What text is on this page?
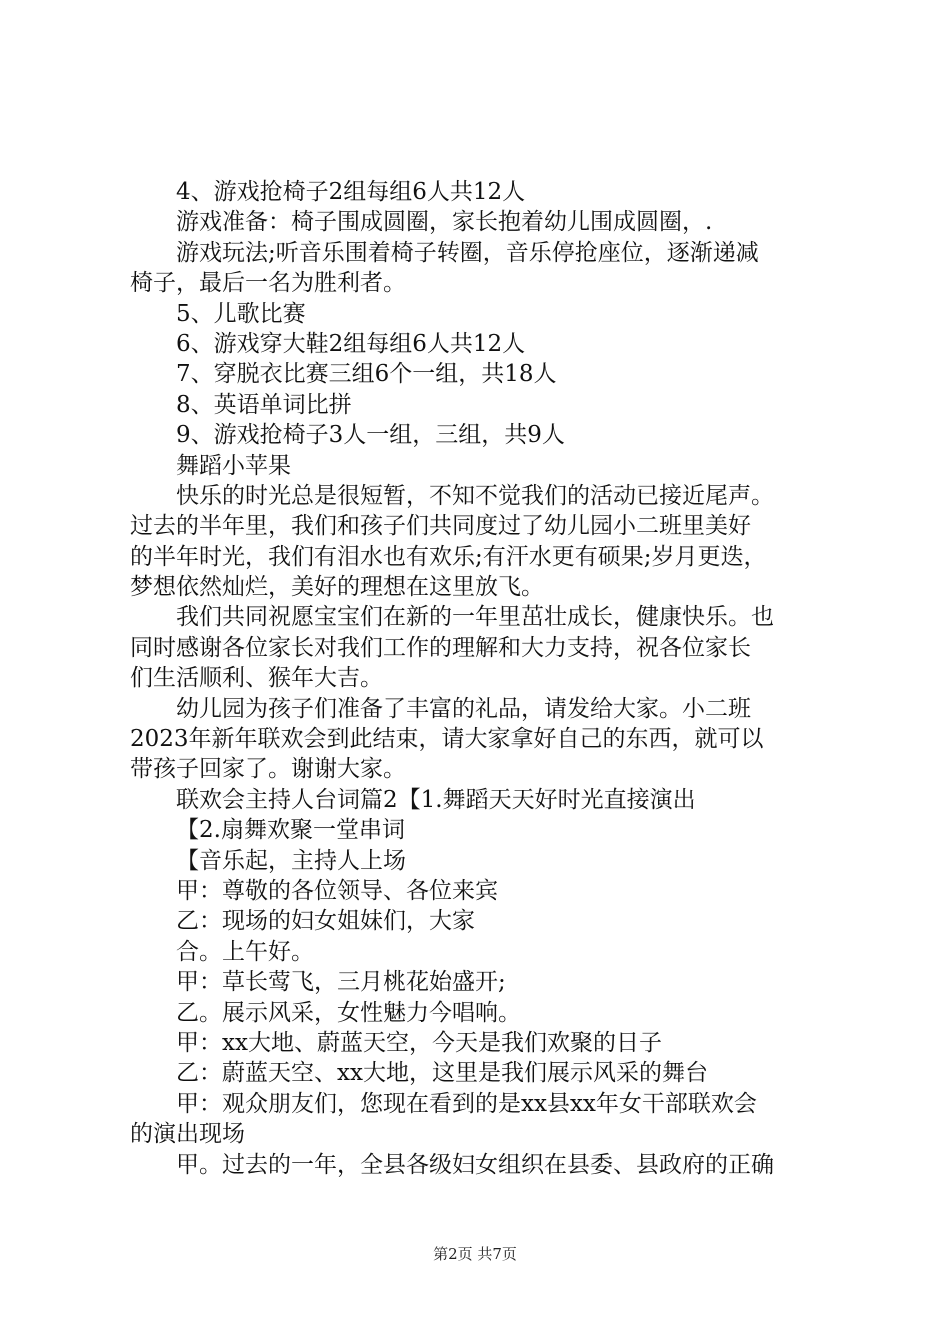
4、游戏抢椅子2组每组6人共12人
游戏准备：椅子围成圆圈，家长抱着幼儿围成圆圈，.
游戏玩法;听音乐围着椅子转圈，音乐停抢座位，逐渐递减
椅子，最后一名为胜利者。
5、儿歌比赛
6、游戏穿大鞋2组每组6人共12人
7、穿脱衣比赛三组6个一组，共18人
8、英语单词比拼
9、游戏抢椅子3人一组，三组，共9人
舞蹈小苹果
快乐的时光总是很短暂，不知不觉我们的活动已接近尾声。
过去的半年里，我们和孩子们共同度过了幼儿园小二班里美好
的半年时光，我们有泪水也有欢乐;有汗水更有硕果;岁月更迭，
梦想依然灿烂，美好的理想在这里放飞。
我们共同祝愿宝宝们在新的一年里茁壮成长，健康快乐。也
同时感谢各位家长对我们工作的理解和大力支持，祝各位家长
们生活顺利、猴年大吉。
幼儿园为孩子们准备了丰富的礼品，请发给大家。小二班
2023年新年联欢会到此结束，请大家拿好自己的东西，就可以
带孩子回家了。谢谢大家。
联欢会主持人台词篇2【1.舞蹈天天好时光直接演出
【2.扇舞欢聚一堂串词
【音乐起，主持人上场
甲：尊敬的各位领导、各位来宾
乙：现场的妇女姐妹们，大家
合。上午好。
甲：草长莺飞，三月桃花始盛开;
乙。展示风采，女性魅力今唱响。
甲：xx大地、蔚蓝天空，今天是我们欢聚的日子
乙：蔚蓝天空、xx大地，这里是我们展示风采的舞台
甲：观众朋友们，您现在看到的是xx县xx年女干部联欢会
的演出现场
甲。过去的一年，全县各级妇女组织在县委、县政府的正确
第2页 共7页
